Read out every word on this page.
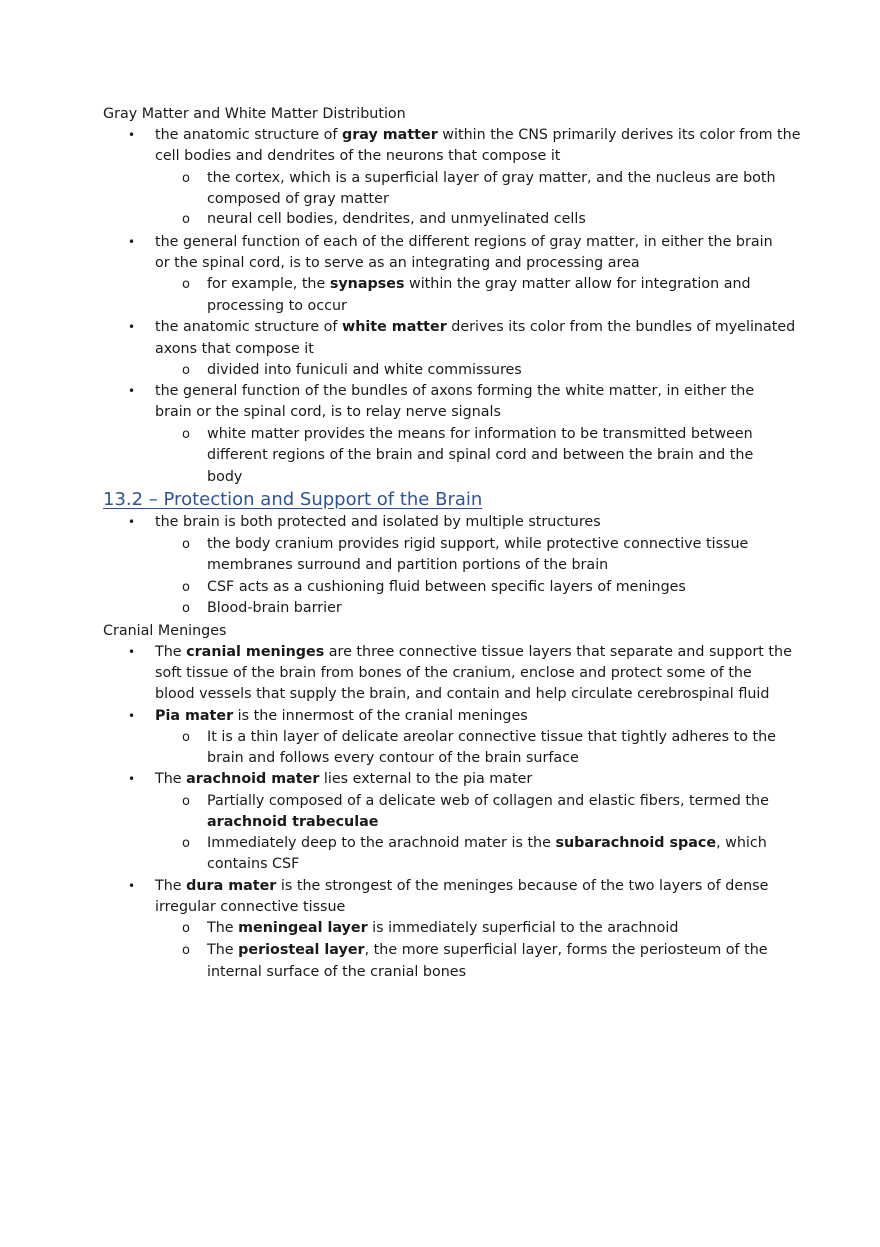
Gray Matter and White Matter Distribution
• the anatomic structure of gray matter within the CNS primarily derives its color from the
cell bodies and dendrites of the neurons that compose it
o the cortex, which is a superficial layer of gray matter, and the nucleus are both
composed of gray matter
o neural cell bodies, dendrites, and unmyelinated cells
• the general function of each of the different regions of gray matter, in either the brain
or the spinal cord, is to serve as an integrating and processing area
o for example, the synapses within the gray matter allow for integration and
processing to occur
• the anatomic structure of white matter derives its color from the bundles of myelinated
axons that compose it
o divided into funiculi and white commissures
• the general function of the bundles of axons forming the white matter, in either the
brain or the spinal cord, is to relay nerve signals
o white matter provides the means for information to be transmitted between
different regions of the brain and spinal cord and between the brain and the
body
13.2 – Protection and Support of the Brain
• the brain is both protected and isolated by multiple structures
o the body cranium provides rigid support, while protective connective tissue
membranes surround and partition portions of the brain
o CSF acts as a cushioning fluid between specific layers of meninges
o Blood-brain barrier
Cranial Meninges
• The cranial meninges are three connective tissue layers that separate and support the
soft tissue of the brain from bones of the cranium, enclose and protect some of the
blood vessels that supply the brain, and contain and help circulate cerebrospinal fluid
• Pia mater is the innermost of the cranial meninges
o It is a thin layer of delicate areolar connective tissue that tightly adheres to the
brain and follows every contour of the brain surface
• The arachnoid mater lies external to the pia mater
o Partially composed of a delicate web of collagen and elastic fibers, termed the
arachnoid trabeculae
o Immediately deep to the arachnoid mater is the subarachnoid space, which
contains CSF
• The dura mater is the strongest of the meninges because of the two layers of dense
irregular connective tissue
o The meningeal layer is immediately superficial to the arachnoid
o The periosteal layer, the more superficial layer, forms the periosteum of the
internal surface of the cranial bones
